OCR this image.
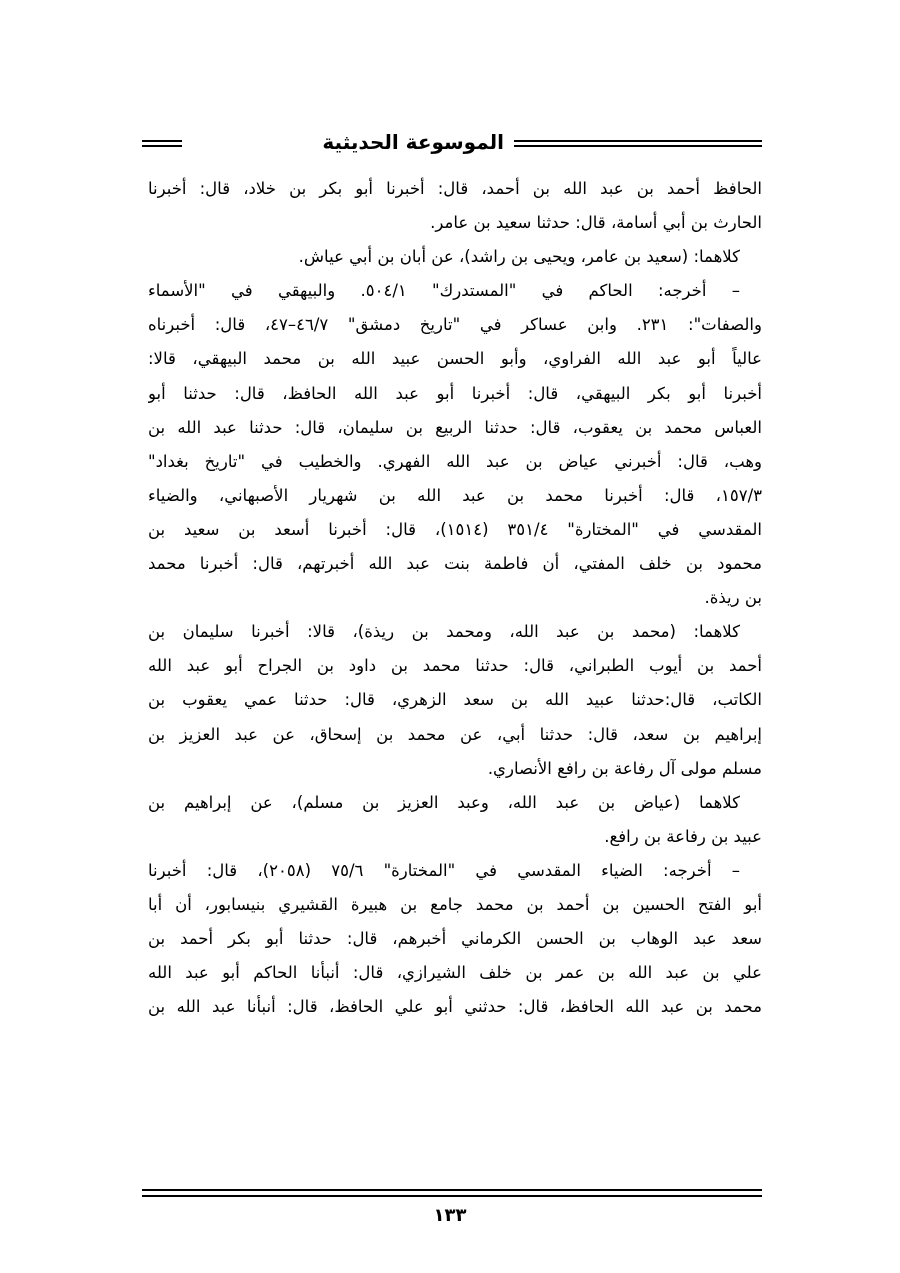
الموسوعة الحديثية
الحافظ أحمد بن عبد الله بن أحمد، قال: أخبرنا أبو بكر بن خلاد، قال: أخبرنا
الحارث بن أبي أسامة، قال: حدثنا سعيد بن عامر.
كلاهما: (سعيد بن عامر، ويحيى بن راشد)، عن أبان بن أبي عياش.
– أخرجه: الحاكم في "المستدرك" ٥٠٤/١. والبيهقي في "الأسماء
والصفات": ٢٣١. وابن عساكر في "تاريخ دمشق" ٤٦/٧–٤٧، قال: أخبرناه
عالياً أبو عبد الله الفراوي، وأبو الحسن عبيد الله بن محمد البيهقي، قالا:
أخبرنا أبو بكر البيهقي، قال: أخبرنا أبو عبد الله الحافظ، قال: حدثنا أبو
العباس محمد بن يعقوب، قال: حدثنا الربيع بن سليمان، قال: حدثنا عبد الله بن
وهب، قال: أخبرني عياض بن عبد الله الفهري. والخطيب في "تاريخ بغداد"
١٥٧/٣، قال: أخبرنا محمد بن عبد الله بن شهريار الأصبهاني، والضياء
المقدسي في "المختارة" ٣٥١/٤ (١٥١٤)، قال: أخبرنا أسعد بن سعيد بن
محمود بن خلف المفتي، أن فاطمة بنت عبد الله أخبرتهم، قال: أخبرنا محمد
بن ريذة.
كلاهما: (محمد بن عبد الله، ومحمد بن ريذة)، قالا: أخبرنا سليمان بن
أحمد بن أيوب الطبراني، قال: حدثنا محمد بن داود بن الجراح أبو عبد الله
الكاتب، قال:حدثنا عبيد الله بن سعد الزهري، قال: حدثنا عمي يعقوب بن
إبراهيم بن سعد، قال: حدثنا أبي، عن محمد بن إسحاق، عن عبد العزيز بن
مسلم مولى آل رفاعة بن رافع الأنصاري.
كلاهما (عياض بن عبد الله، وعبد العزيز بن مسلم)، عن إبراهيم بن
عبيد بن رفاعة بن رافع.
– أخرجه: الضياء المقدسي في "المختارة" ٧٥/٦ (٢٠٥٨)، قال: أخبرنا
أبو الفتح الحسين بن أحمد بن محمد جامع بن هبيرة القشيري بنيسابور، أن أبا
سعد عبد الوهاب بن الحسن الكرماني أخبرهم، قال: حدثنا أبو بكر أحمد بن
علي بن عبد الله بن عمر بن خلف الشيرازي، قال: أنبأنا الحاكم أبو عبد الله
محمد بن عبد الله الحافظ، قال: حدثني أبو علي الحافظ، قال: أنبأنا عبد الله بن
١٣٣
